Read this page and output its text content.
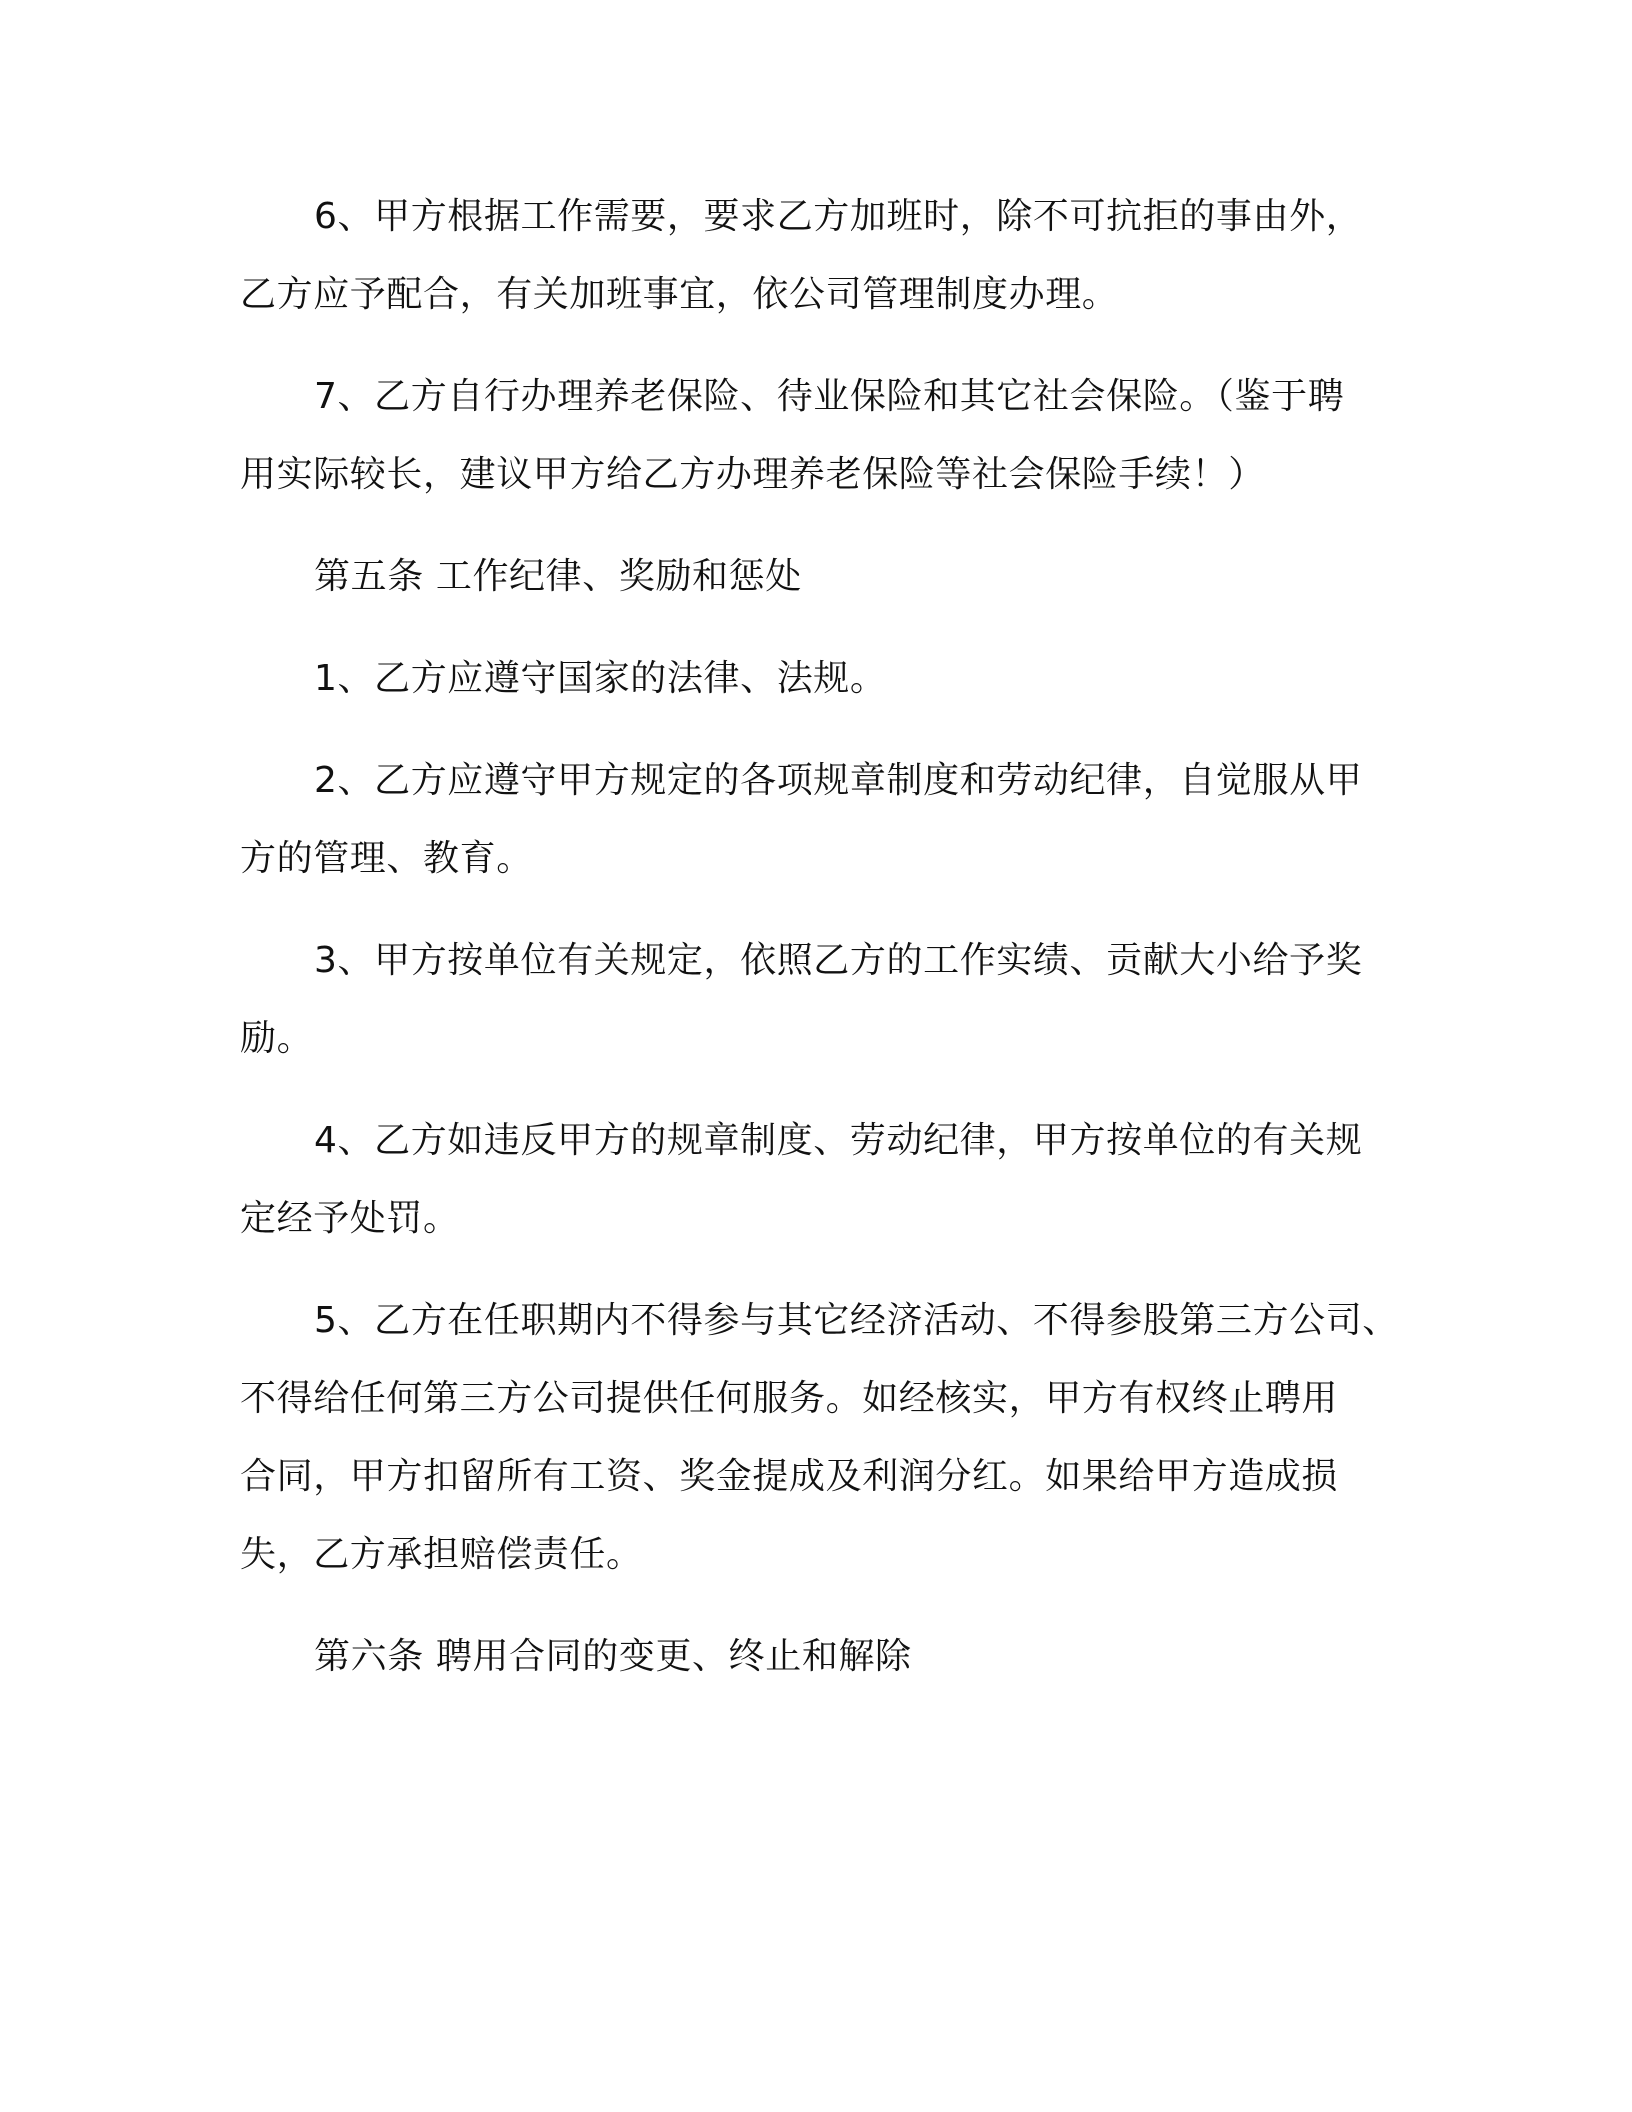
6、甲方根据工作需要，要求乙方加班时，除不可抗拒的事由外，
乙方应予配合，有关加班事宜，依公司管理制度办理。
7、乙方自行办理养老保险、待业保险和其它社会保险。（鉴于聘
用实际较长，建议甲方给乙方办理养老保险等社会保险手续！）
第五条 工作纪律、奖励和惩处
1、乙方应遵守国家的法律、法规。
2、乙方应遵守甲方规定的各项规章制度和劳动纪律，自觉服从甲
方的管理、教育。
3、甲方按单位有关规定，依照乙方的工作实绩、贡献大小给予奖
励。
4、乙方如违反甲方的规章制度、劳动纪律，甲方按单位的有关规
定经予处罚。
5、乙方在任职期内不得参与其它经济活动、不得参股第三方公司、
不得给任何第三方公司提供任何服务。如经核实，甲方有权终止聘用
合同，甲方扣留所有工资、奖金提成及利润分红。如果给甲方造成损
失，乙方承担赔偿责任。
第六条 聘用合同的变更、终止和解除
